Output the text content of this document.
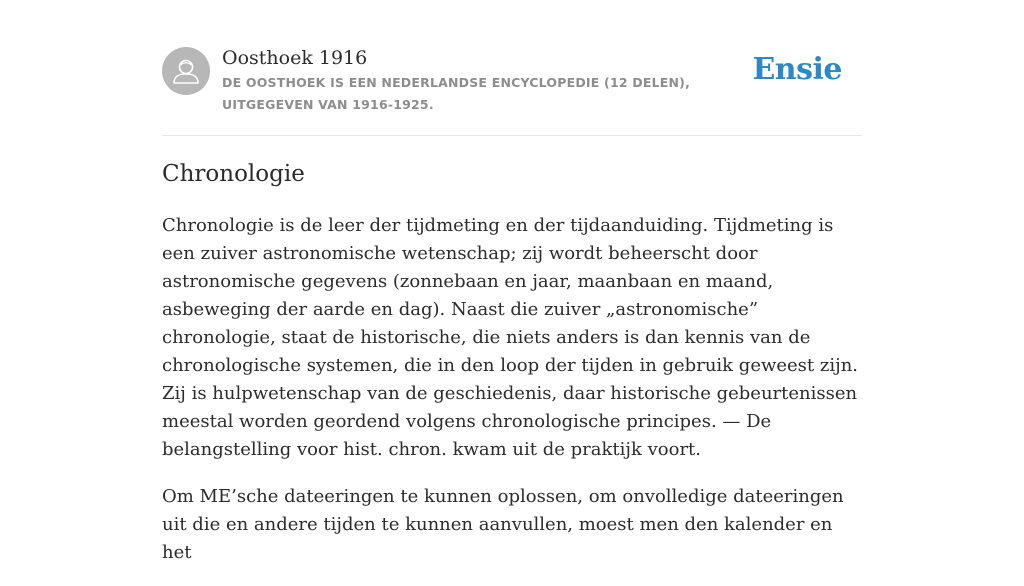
Oosthoek 1916

DE OOSTHOEK IS EEN NEDERLANDSE ENCYCLOPEDIE (12 DELEN), UITGEGEVEN VAN 1916-1925.

Ensie
Chronologie

Chronologie is de leer der tijdmeting en der tijdaanduiding. Tijdmeting is een zuiver astronomische wetenschap; zij wordt beheerscht door astronomische gegevens (zonnebaan en jaar, maanbaan en maand, asbeweging der aarde en dag). Naast die zuiver „astronomische” chronologie, staat de historische, die niets anders is dan kennis van de chronologische systemen, die in den loop der tijden in gebruik geweest zijn. Zij is hulpwetenschap van de geschiedenis, daar historische gebeurtenissen meestal worden geordend volgens chronologische principes. — De belangstelling voor hist. chron. kwam uit de praktijk voort.

Om ME’sche dateeringen te kunnen oplossen, om onvolledige dateeringen uit die en andere tijden te kunnen aanvullen, moest men den kalender en het
